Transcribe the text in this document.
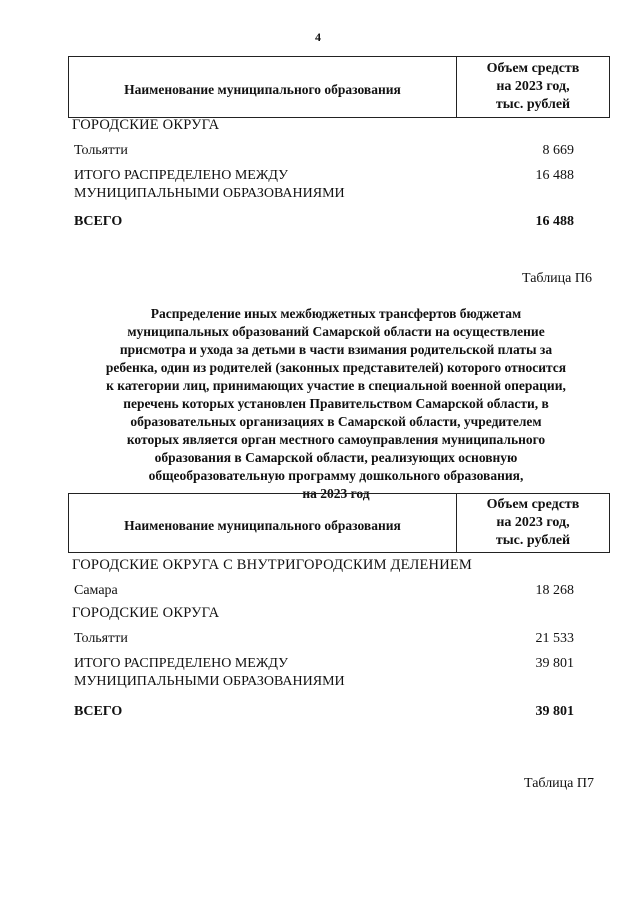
4
Наименование муниципального образования
Объем средств
на 2023 год,
тыс. рублей
ГОРОДСКИЕ ОКРУГА
Тольятти	8 669
ИТОГО РАСПРЕДЕЛЕНО МЕЖДУ
МУНИЦИПАЛЬНЫМИ ОБРАЗОВАНИЯМИ
16 488
ВСЕГО	16 488
Таблица П6
Распределение иных межбюджетных трансфертов бюджетам
муниципальных образований Самарской области на осуществление
присмотра и ухода за детьми в части взимания родительской платы за
ребенка, один из родителей (законных представителей) которого относится
к категории лиц, принимающих участие в специальной военной операции,
перечень которых установлен Правительством Самарской области, в
образовательных организациях в Самарской области, учредителем
которых является орган местного самоуправления муниципального
образования в Самарской области, реализующих основную
общеобразовательную программу дошкольного образования,
на 2023 год
Наименование муниципального образования
Объем средств
на 2023 год,
тыс. рублей
ГОРОДСКИЕ ОКРУГА С ВНУТРИГОРОДСКИМ ДЕЛЕНИЕМ
Самара	18 268
ГОРОДСКИЕ ОКРУГА
Тольятти	21 533
ИТОГО РАСПРЕДЕЛЕНО МЕЖДУ
МУНИЦИПАЛЬНЫМИ ОБРАЗОВАНИЯМИ
39 801
ВСЕГО	39 801
Таблица П7
